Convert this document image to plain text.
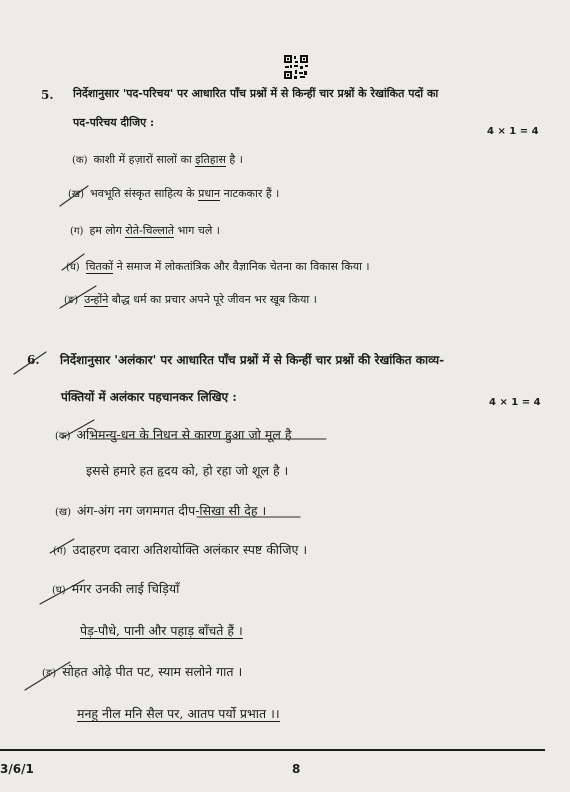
5. निर्देशानुसार 'पद-परिचय' पर आधारित पाँच प्रश्नों में से किन्हीं चार प्रश्नों के रेखांकित पदों का
पद-परिचय दीजिए :
4 × 1 = 4
(क) काशी में हज़ारों सालों का इतिहास है ।
(ख) भवभूति संस्कृत साहित्य के प्रधान नाटककार हैं ।
(ग) हम लोग रोते-चिल्लाते भाग चले ।
(घ) चितकों ने समाज में लोकतांत्रिक और वैज्ञानिक चेतना का विकास किया ।
(ङ) उन्होंने बौद्ध धर्म का प्रचार अपने पूरे जीवन भर खूब किया ।
6. निर्देशानुसार 'अलंकार' पर आधारित पाँच प्रश्नों में से किन्हीं चार प्रश्नों की रेखांकित काव्य-
पंक्तियों में अलंकार पहचानकर लिखिए :	4 × 1 = 4
(क) अभिमन्यु-धन के निधन से कारण हुआ जो मूल है
इससे हमारे हत हृदय को, हो रहा जो शूल है ।
(ख) अंग-अंग नग जगमगत दीप-सिखा सी देह ।
(ग) उदाहरण दवारा अतिशयोक्ति अलंकार स्पष्ट कीजिए ।
(घ) मगर उनकी लाई चिड़ियाँ
पेड़-पौधे, पानी और पहाड़ बाँचते हैं ।
(ङ) सोहत ओढ़े पीत पट, स्याम सलोने गात ।
मनहु नील मनि सैल पर, आतप पर्यो प्रभात ।।
3/6/1	8
